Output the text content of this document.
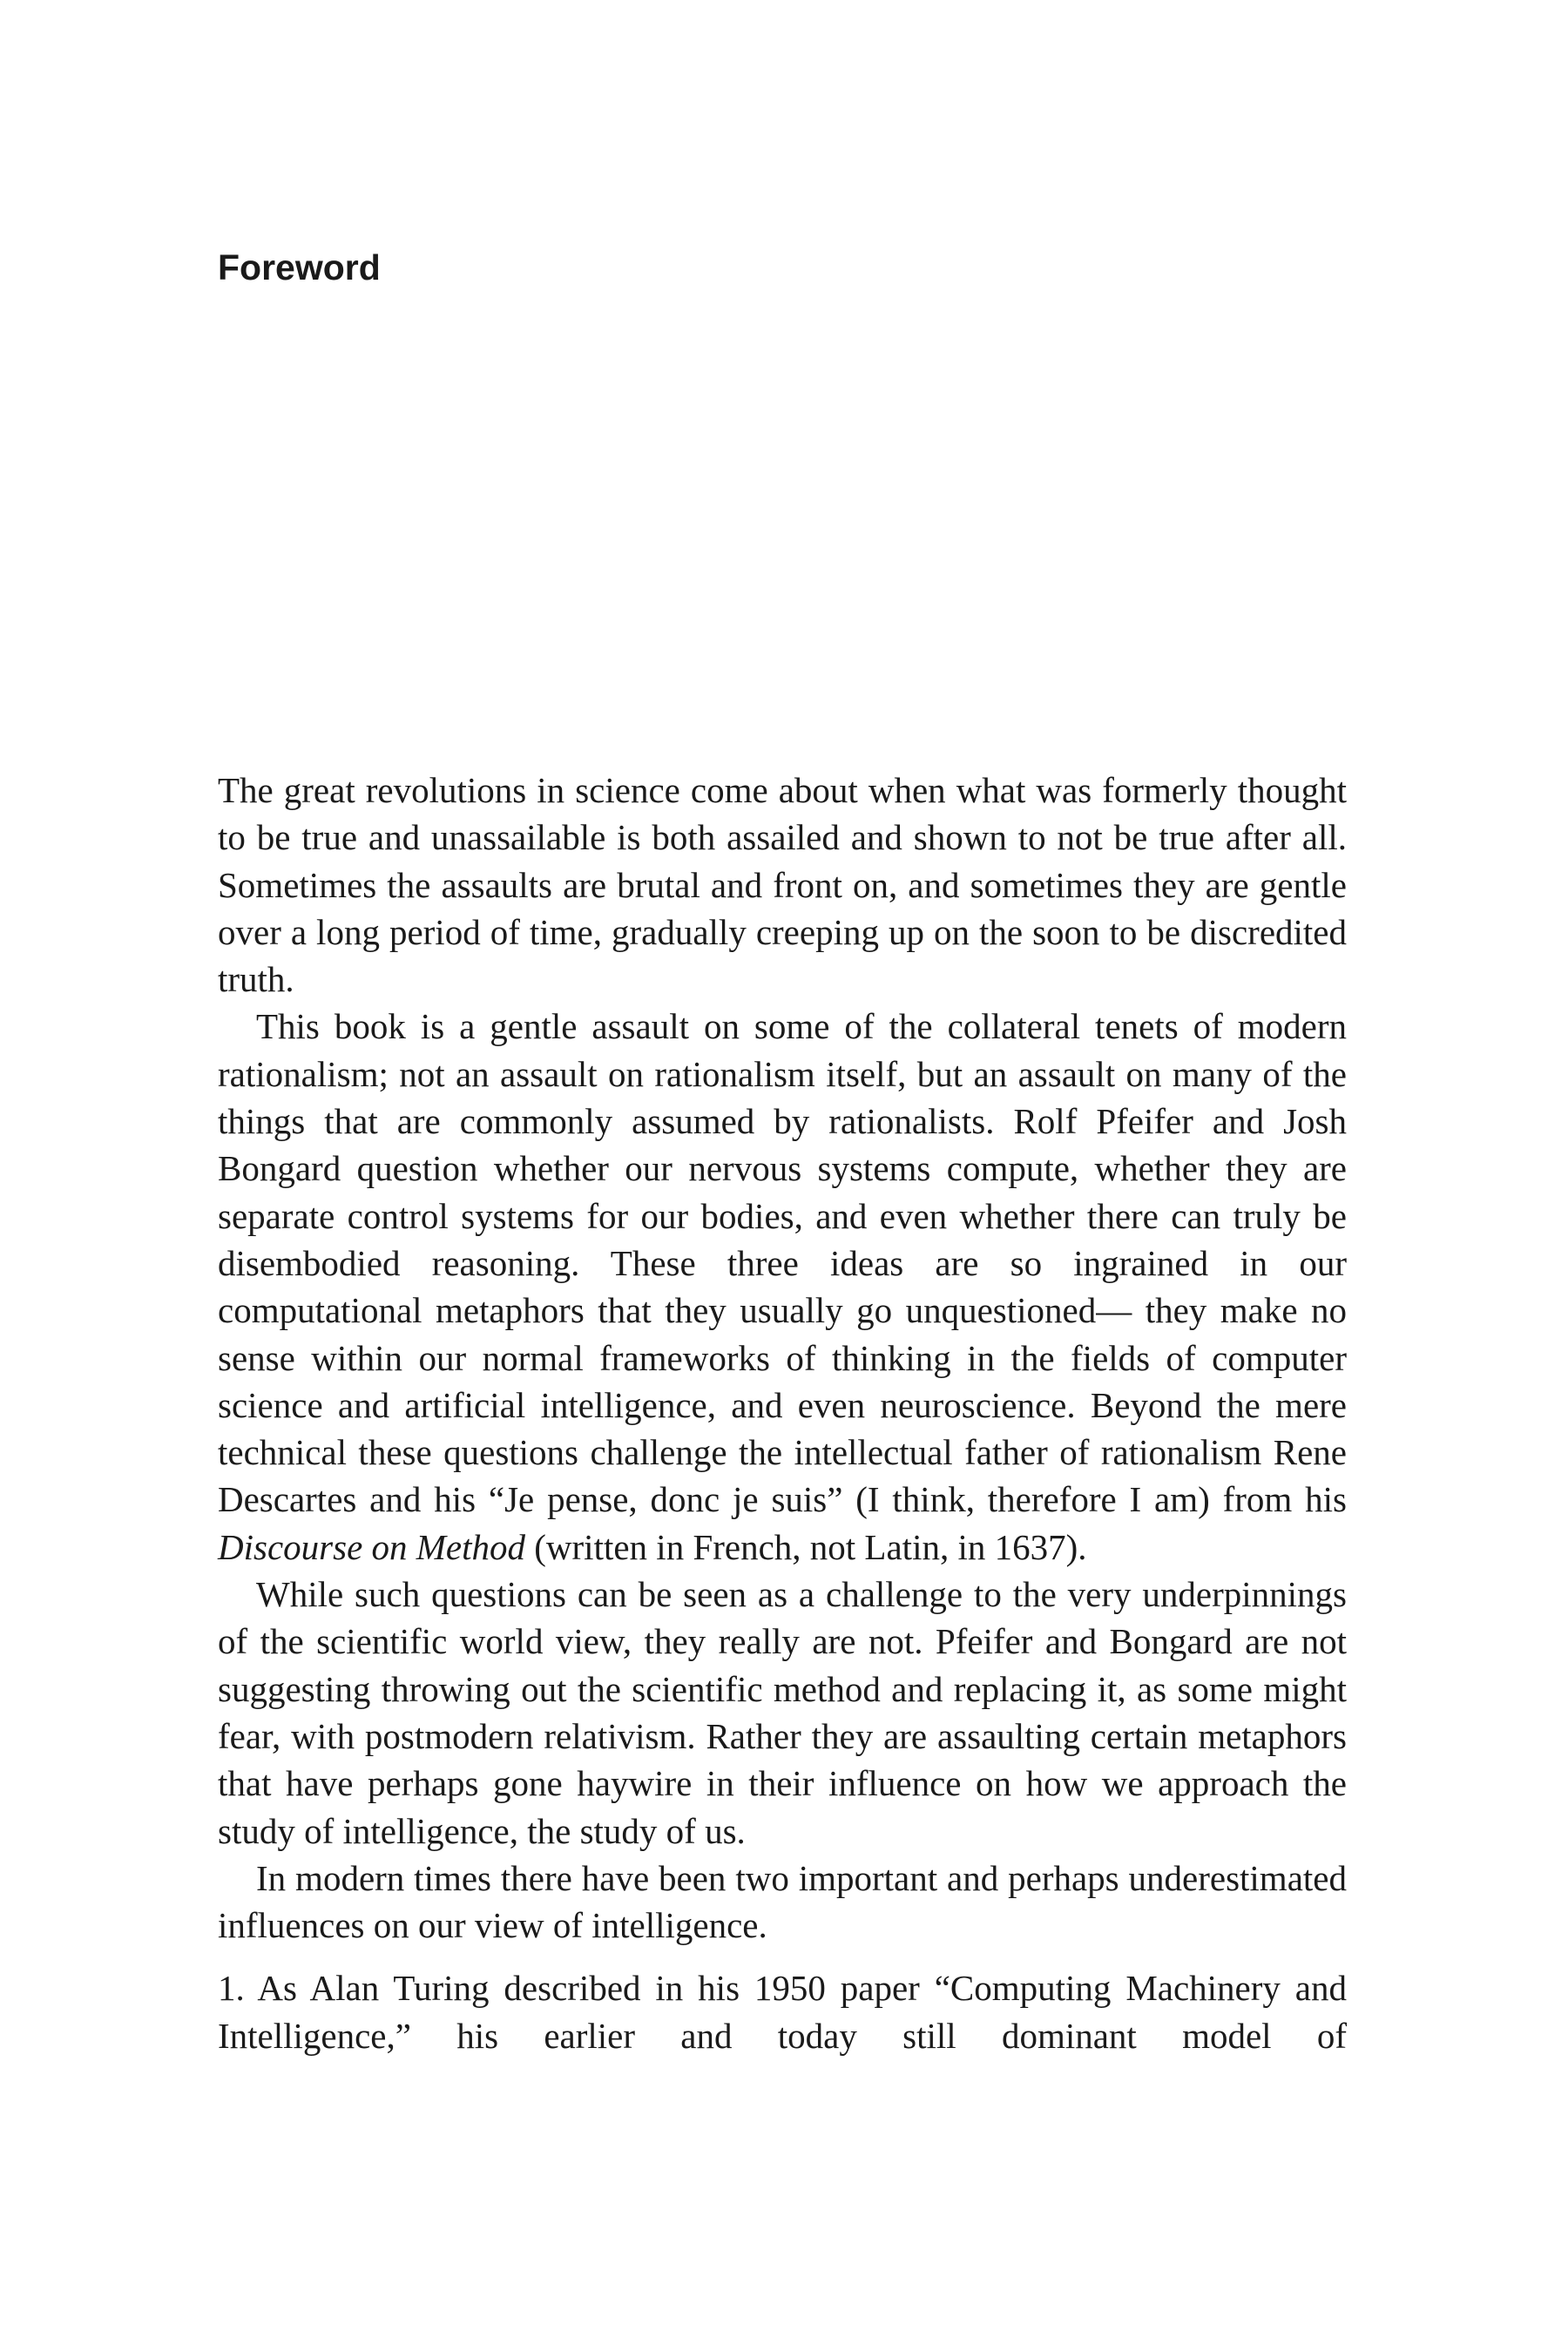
Foreword

The great revolutions in science come about when what was formerly thought to be true and unassailable is both assailed and shown to not be true after all. Sometimes the assaults are brutal and front on, and sometimes they are gentle over a long period of time, gradually creeping up on the soon to be discredited truth.

This book is a gentle assault on some of the collateral tenets of modern rationalism; not an assault on rationalism itself, but an assault on many of the things that are commonly assumed by rationalists. Rolf Pfeifer and Josh Bongard question whether our nervous systems compute, whether they are separate control systems for our bodies, and even whether there can truly be disembodied reasoning. These three ideas are so ingrained in our computational metaphors that they usually go unquestioned— they make no sense within our normal frameworks of thinking in the fields of computer science and artificial intelligence, and even neuroscience. Beyond the mere technical these questions challenge the intellectual father of rationalism Rene Descartes and his “Je pense, donc je suis” (I think, therefore I am) from his Discourse on Method (written in French, not Latin, in 1637).

While such questions can be seen as a challenge to the very underpinnings of the scientific world view, they really are not. Pfeifer and Bongard are not suggesting throwing out the scientific method and replacing it, as some might fear, with postmodern relativism. Rather they are assaulting certain metaphors that have perhaps gone haywire in their influence on how we approach the study of intelligence, the study of us.

In modern times there have been two important and perhaps underestimated influences on our view of intelligence.

1. As Alan Turing described in his 1950 paper “Computing Machinery and Intelligence,” his earlier and today still dominant model of
